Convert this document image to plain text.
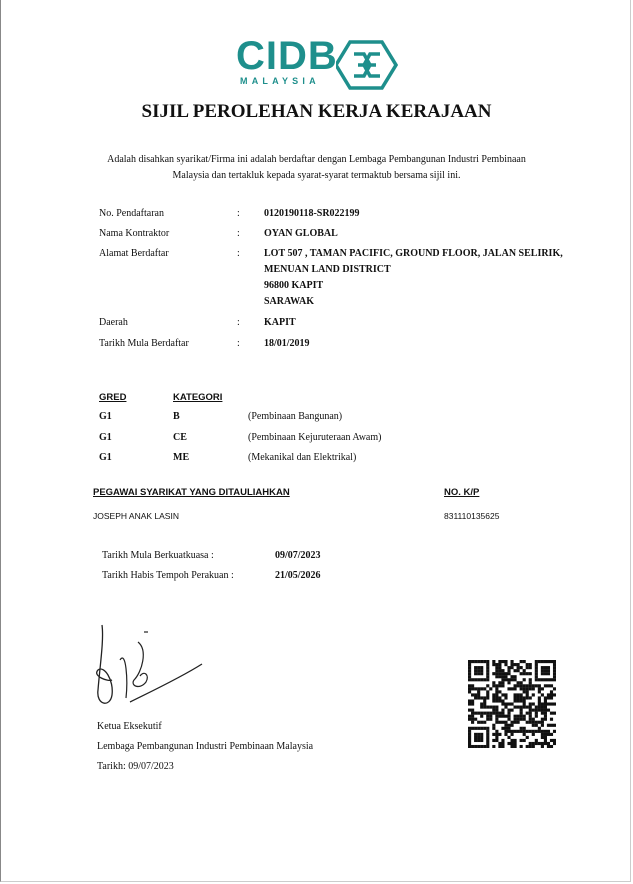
CIDB
MALAYSIA
SIJIL PEROLEHAN KERJA KERAJAAN
Adalah disahkan syarikat/Firma ini adalah berdaftar dengan Lembaga Pembangunan Industri Pembinaan
Malaysia dan tertakluk kepada syarat-syarat termaktub bersama sijil ini.
No. Pendaftaran	: 0120190118-SR022199
Nama Kontraktor	: OYAN GLOBAL
Alamat Berdaftar	: LOT 507 , TAMAN PACIFIC, GROUND FLOOR, JALAN SELIRIK,
MENUAN LAND DISTRICT
96800 KAPIT
SARAWAK
Daerah	: KAPIT
Tarikh Mula Berdaftar	: 18/01/2019
GRED	KATEGORI
G1	B	(Pembinaan Bangunan)
G1	CE	(Pembinaan Kejuruteraan Awam)
G1	ME	(Mekanikal dan Elektrikal)
PEGAWAI SYARIKAT YANG DITAULIAHKAN	NO. K/P
JOSEPH ANAK LASIN	831110135625
Tarikh Mula Berkuatkuasa :	09/07/2023
Tarikh Habis Tempoh Perakuan :	21/05/2026
Ketua Eksekutif
Lembaga Pembangunan Industri Pembinaan Malaysia
Tarikh: 09/07/2023
